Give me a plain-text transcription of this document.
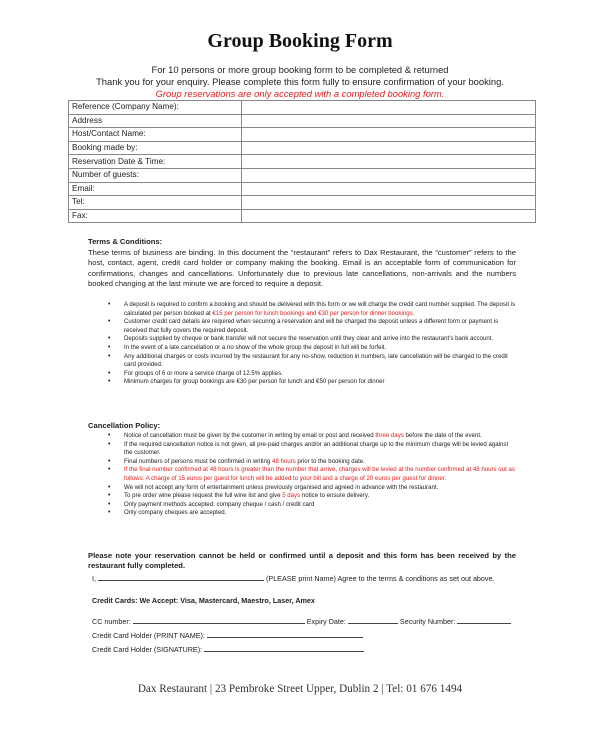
Group Booking Form
For 10 persons or more group booking form to be completed & returned
Thank you for your enquiry. Please complete this form fully to ensure confirmation of your booking.
Group reservations are only accepted with a completed booking form.
Reference (Company Name):	
Address	
Host/Contact Name:	
Booking made by:	
Reservation Date & Time:	
Number of guests:	
Email:	
Tel:	
Fax:	
Terms & Conditions:
These terms of business are binding. In this document the “restaurant” refers to Dax Restaurant, the “customer” refers to the host, contact, agent, credit card holder or company making the booking. Email is an acceptable form of communication for confirmations, changes and cancellations. Unfortunately due to previous late cancellations, non-arrivals and the numbers booked changing at the last minute we are forced to require a deposit.
• A deposit is required to confirm a booking and should be delivered with this form or we will charge the credit card number supplied. The deposit is calculated per person booked at €15 per person for lunch bookings and €30 per person for dinner bookings.
• Customer credit card details are required when securing a reservation and will be charged the deposit unless a different form or payment is received that fully covers the required deposit.
• Deposits supplied by cheque or bank transfer will not secure the reservation until they clear and arrive into the restaurant’s bank account.
• In the event of a late cancellation or a no show of the whole group the deposit in full will be forfeit.
• Any additional charges or costs incurred by the restaurant for any no-show, reduction in numbers, late cancellation will be charged to the credit card provided.
• For groups of 6 or more a service charge of 12.5% applies.
• Minimum charges for group bookings are €30 per person for lunch and €50 per person for dinner
Cancellation Policy:
• Notice of cancellation must be given by the customer in writing by email or post and received three days before the date of the event.
• If the required cancellation notice is not given, all pre-paid charges and/or an additional charge up to the minimum charge will be levied against the customer.
• Final numbers of persons must be confirmed in writing 48 hours prior to the booking date.
• If the final number confirmed at 48 hours is greater than the number that arrive, charges will be levied at the number confirmed at 48 hours out as follows: A charge of 15 euros per guest for lunch will be added to your bill and a charge of 20 euros per guest for dinner.
• We will not accept any form of entertainment unless previously organised and agreed in advance with the restaurant.
• To pre order wine please request the full wine list and give 5 days notice to ensure delivery.
• Only payment methods accepted: company cheque / cash / credit card
• Only company cheques are accepted.
Please note your reservation cannot be held or confirmed until a deposit and this form has been received by the restaurant fully completed.
I,	(PLEASE print Name) Agree to the terms & conditions as set out above.
Credit Cards: We Accept: Visa, Mastercard, Maestro, Laser, Amex
CC number:	Expiry Date:	Security Number:
Credit Card Holder (PRINT NAME):
Credit Card Holder (SIGNATURE):
Dax Restaurant | 23 Pembroke Street Upper, Dublin 2 | Tel: 01 676 1494
